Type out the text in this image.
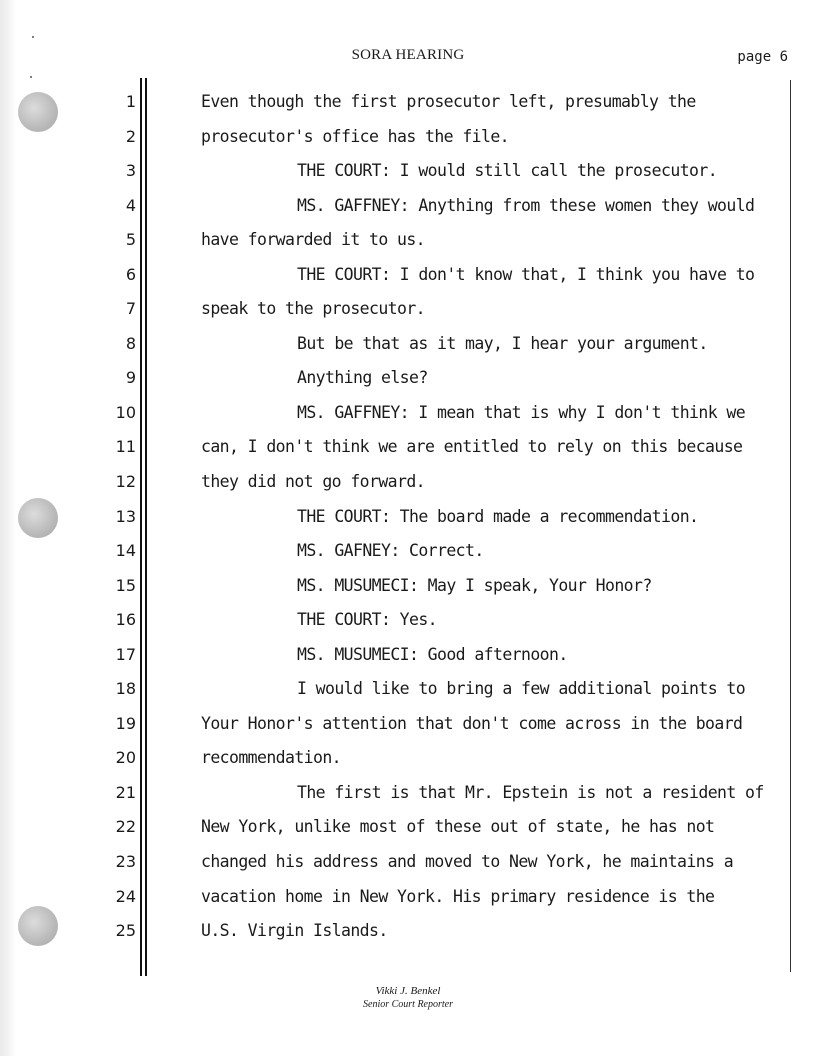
SORA HEARING	page 6
1
2
3
4
5
6
7
8
9
10
11
12
13
14
15
16
17
18
19
20
21
22
23
24
25
Even though the first prosecutor left, presumably the
prosecutor's office has the file.
THE COURT: I would still call the prosecutor.
MS. GAFFNEY: Anything from these women they would
have forwarded it to us.
THE COURT: I don't know that, I think you have to
speak to the prosecutor.
But be that as it may, I hear your argument.
Anything else?
MS. GAFFNEY: I mean that is why I don't think we
can, I don't think we are entitled to rely on this because
they did not go forward.
THE COURT: The board made a recommendation.
MS. GAFNEY: Correct.
MS. MUSUMECI: May I speak, Your Honor?
THE COURT: Yes.
MS. MUSUMECI: Good afternoon.
I would like to bring a few additional points to
Your Honor's attention that don't come across in the board
recommendation.
The first is that Mr. Epstein is not a resident of
New York, unlike most of these out of state, he has not
changed his address and moved to New York, he maintains a
vacation home in New York. His primary residence is the
U.S. Virgin Islands.
Vikki J. Benkel
Senior Court Reporter
